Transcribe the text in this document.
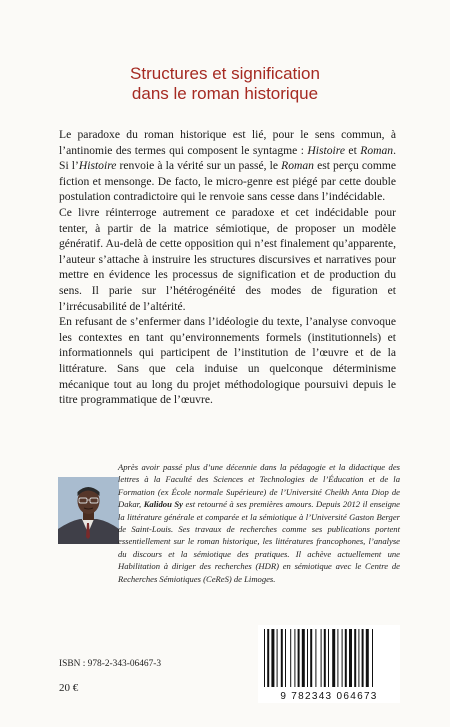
Structures et signification
dans le roman historique

Le paradoxe du roman historique est lié, pour le sens commun, à l’antinomie des termes qui composent le syntagme : Histoire et Roman. Si l’Histoire renvoie à la vérité sur un passé, le Roman est perçu comme fiction et mensonge. De facto, le micro-genre est piégé par cette double postulation contradictoire qui le renvoie sans cesse dans l’indécidable.

Ce livre réinterroge autrement ce paradoxe et cet indécidable pour tenter, à partir de la matrice sémiotique, de proposer un modèle génératif. Au-delà de cette opposition qui n’est finalement qu’apparente, l’auteur s’attache à instruire les structures discursives et narratives pour mettre en évidence les processus de signification et de production du sens. Il parie sur l’hétérogénéité des modes de figuration et l’irrécusabilité de l’altérité.

En refusant de s’enfermer dans l’idéologie du texte, l’analyse convoque les contextes en tant qu’environnements formels (institutionnels) et informationnels qui participent de l’institution de l’œuvre et de la littérature. Sans que cela induise un quelconque déterminisme mécanique tout au long du projet méthodologique poursuivi depuis le titre programmatique de l’œuvre.

Après avoir passé plus d’une décennie dans la pédagogie et la didactique des lettres à la Faculté des Sciences et Technologies de l’Éducation et de la Formation (ex École normale Supérieure) de l’Université Cheikh Anta Diop de Dakar, Kalidou Sy est retourné à ses premières amours. Depuis 2012 il enseigne la littérature générale et comparée et la sémiotique à l’Université Gaston Berger de Saint-Louis. Ses travaux de recherches comme ses publications portent essentiellement sur le roman historique, les littératures francophones, l’analyse du discours et la sémiotique des pratiques. Il achève actuellement une Habilitation à diriger des recherches (HDR) en sémiotique avec le Centre de Recherches Sémiotiques (CeReS) de Limoges.
ISBN : 978-2-343-06467-3
20 €
9 782343 064673
